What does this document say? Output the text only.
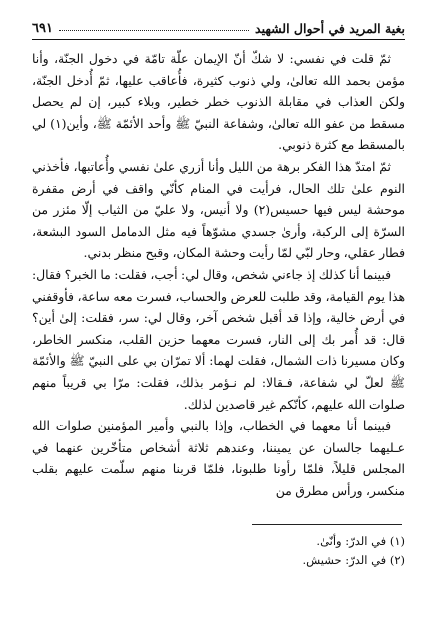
بغية المريد في أحوال الشهيد
٦٩١

ثمّ قلت في نفسي: لا شكّ أنّ الإيمان علّة تامّة في دخول الجنّة، وأنا مؤمن بحمد الله تعالىٰ، ولي ذنوب كثيرة، فأُعاقب عليها، ثمّ أُدخل الجنّة، ولكن العذاب في مقابلة الذنوب خطر خطير، وبلاء كبير، إن لم يحصل مسقط من عفو الله تعالىٰ، وشفاعة النبيّ ﷺ وأحد الأئمّة ﷺ، وأين(١) لي بالمسقط مع كثرة ذنوبي.

ثمّ امتدّ هذا الفكر برهة من الليل وأنا أزري علىٰ نفسي وأُعاتبها، فأخذني النوم علىٰ تلك الحال، فرأيت في المنام كأنّي واقف في أرض مقفرة موحشة ليس فيها حسيس(٢) ولا أنيس، ولا عليّ من الثياب إلّا مئزر من السرّة إلى الركبة، وأرىٰ جسدي مشوّهاً فيه مثل الدمامل السود البشعة، فطار عقلي، وحار لبّي لمّا رأيت وحشة المكان، وقبح منظر بدني.

فبينما أنا كذلك إذ جاءني شخص، وقال لي: أجب، فقلت: ما الخبر؟ فقال: هذا يوم القيامة، وقد طلبت للعرض والحساب، فسرت معه ساعة، فأوقفني في أرض خالية، وإذا قد أقبل شخص آخر، وقال لي: سر، فقلت: إلىٰ أين؟ قال: قد أُمر بك إلى النار، فسرت معهما حزين القلب، منكسر الخاطر، وكان مسيرنا ذات الشمال، فقلت لهما: ألا تمرّان بي على النبيّ ﷺ والأئمّة ﷺ لعلّ لي شفاعة، فـقالا: لم نـؤمر بذلك، فقلت: مرّا بي قريباً منهم صلوات الله عليهم، كأنّكم غير قاصدين لذلك.

فبينما أنا معهما في الخطاب، وإذا بالنبي وأمير المؤمنين صلوات الله عـليهما جالسان عن يميننا، وعندهم ثلاثة أشخاص متأخّرين عنهما في المجلس قليلاً، فلمّا رأونا طلبونا، فلمّا قربنا منهم سلّمت عليهم بقلب منكسر، ورأس مطرق من

(١) في الدرّ: وأنّىٰ.

(٢) في الدرّ: حشيش.
